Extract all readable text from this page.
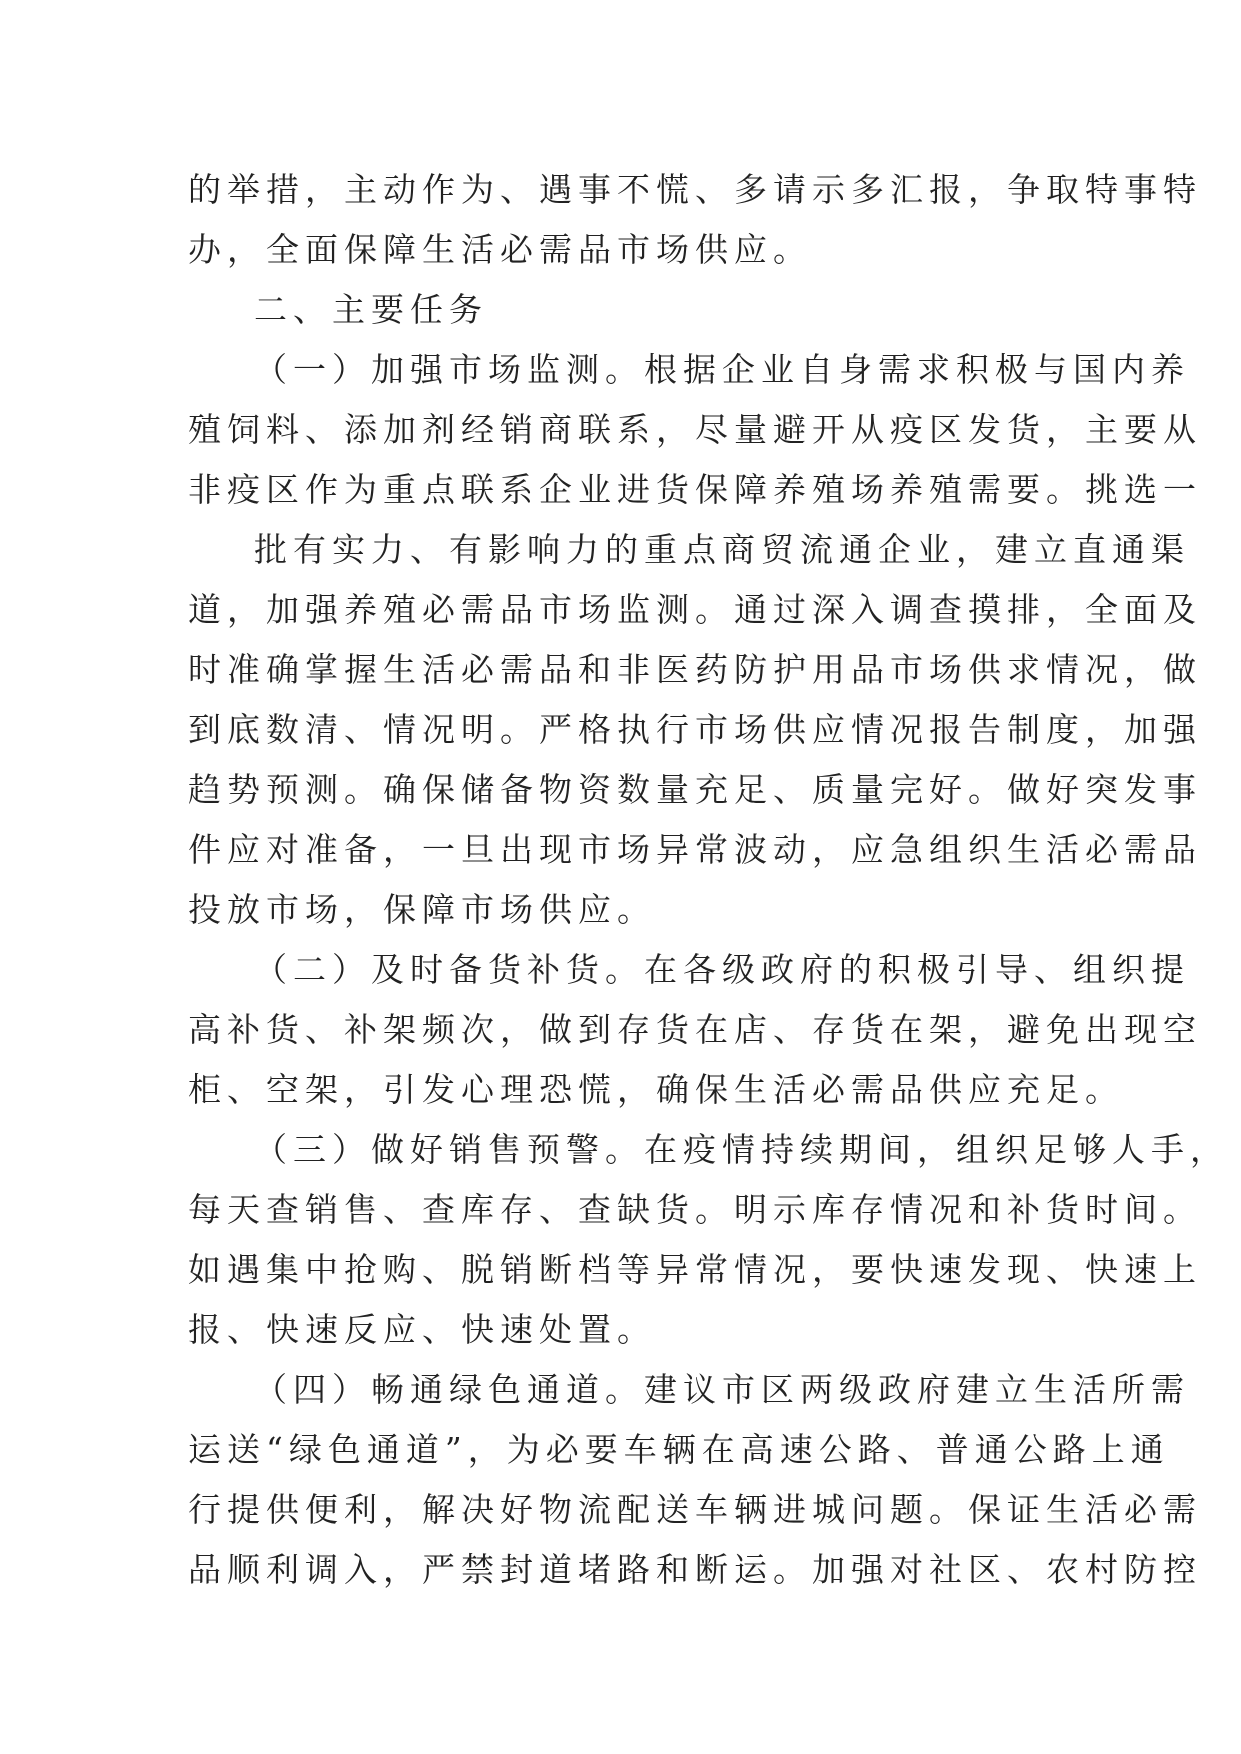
的举措，主动作为、遇事不慌、多请示多汇报，争取特事特
办，全面保障生活必需品市场供应。
二、主要任务
（一）加强市场监测。根据企业自身需求积极与国内养
殖饲料、添加剂经销商联系，尽量避开从疫区发货，主要从
非疫区作为重点联系企业进货保障养殖场养殖需要。挑选一
批有实力、有影响力的重点商贸流通企业，建立直通渠
道，加强养殖必需品市场监测。通过深入调查摸排，全面及
时准确掌握生活必需品和非医药防护用品市场供求情况，做
到底数清、情况明。严格执行市场供应情况报告制度，加强
趋势预测。确保储备物资数量充足、质量完好。做好突发事
件应对准备，一旦出现市场异常波动，应急组织生活必需品
投放市场，保障市场供应。
（二）及时备货补货。在各级政府的积极引导、组织提
高补货、补架频次，做到存货在店、存货在架，避免出现空
柜、空架，引发心理恐慌，确保生活必需品供应充足。
（三）做好销售预警。在疫情持续期间，组织足够人手，
每天查销售、查库存、查缺货。明示库存情况和补货时间。
如遇集中抢购、脱销断档等异常情况，要快速发现、快速上
报、快速反应、快速处置。
（四）畅通绿色通道。建议市区两级政府建立生活所需
运送“绿色通道”，为必要车辆在高速公路、普通公路上通
行提供便利，解决好物流配送车辆进城问题。保证生活必需
品顺利调入，严禁封道堵路和断运。加强对社区、农村防控
